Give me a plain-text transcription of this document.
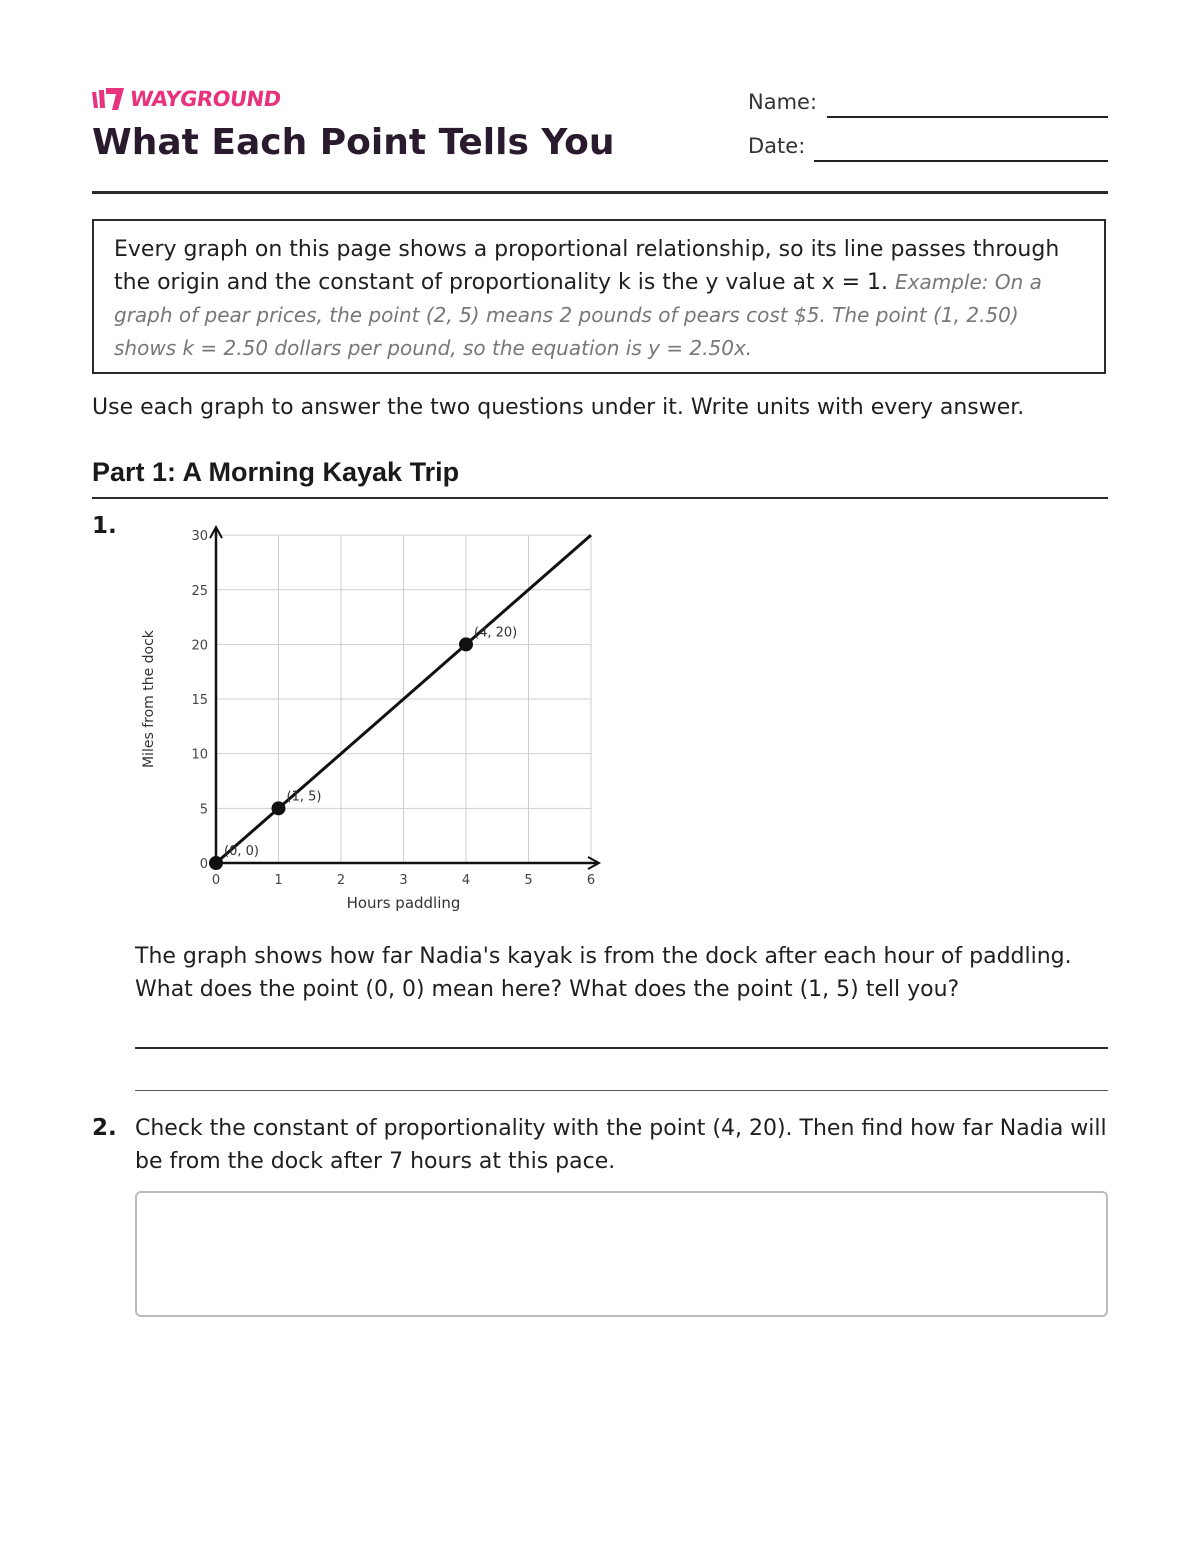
WAYGROUND
What Each Point Tells You
Name:
Date:
Every graph on this page shows a proportional relationship, so its line passes through the origin and the constant of proportionality k is the y value at x = 1. Example: On a graph of pear prices, the point (2, 5) means 2 pounds of pears cost $5. The point (1, 2.50) shows k = 2.50 dollars per pound, so the equation is y = 2.50x.
Use each graph to answer the two questions under it. Write units with every answer.
Part 1: A Morning Kayak Trip
1.
0	1	2	3	4	5	6
0
5
10
15
20
25
30
Hours paddling
Miles from the dock
(0, 0)
(1, 5)
(4, 20)
The graph shows how far Nadia's kayak is from the dock after each hour of paddling. What does the point (0, 0) mean here? What does the point (1, 5) tell you?
2. Check the constant of proportionality with the point (4, 20). Then find how far Nadia will be from the dock after 7 hours at this pace.
